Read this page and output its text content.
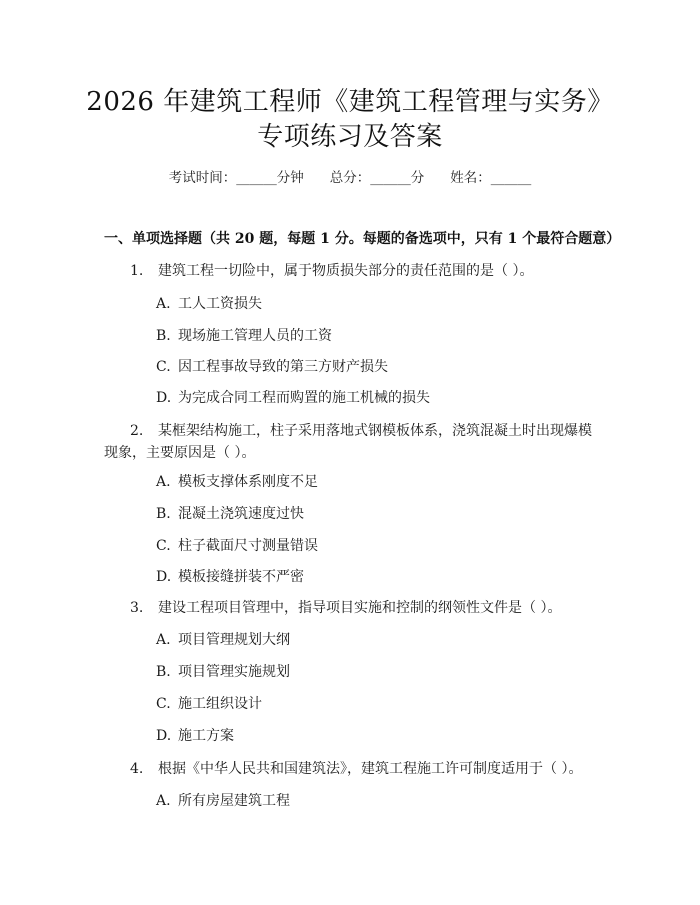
2026 年建筑工程师《建筑工程管理与实务》
专项练习及答案
考试时间：______分钟 总分：______分 姓名：______
一、单项选择题（共 20 题，每题 1 分。每题的备选项中，只有 1 个最符合题意）
1. 建筑工程一切险中，属于物质损失部分的责任范围的是（ ）。
A. 工人工资损失
B. 现场施工管理人员的工资
C. 因工程事故导致的第三方财产损失
D. 为完成合同工程而购置的施工机械的损失
2. 某框架结构施工，柱子采用落地式钢模板体系，浇筑混凝土时出现爆模现象，主要原因是（ ）。
A. 模板支撑体系刚度不足
B. 混凝土浇筑速度过快
C. 柱子截面尺寸测量错误
D. 模板接缝拼装不严密
3. 建设工程项目管理中，指导项目实施和控制的纲领性文件是（ ）。
A. 项目管理规划大纲
B. 项目管理实施规划
C. 施工组织设计
D. 施工方案
4. 根据《中华人民共和国建筑法》，建筑工程施工许可制度适用于（ ）。
A. 所有房屋建筑工程
